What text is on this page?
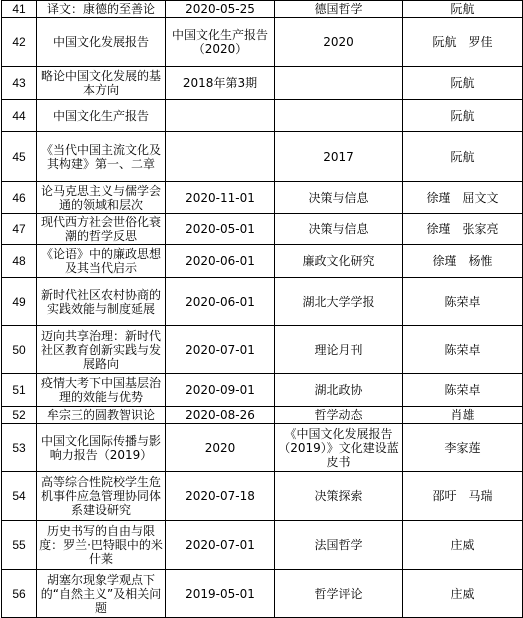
41	译文：康德的至善论	2020-05-25	德国哲学	阮航
42	中国文化发展报告	中国文化生产报告（2020）	2020	阮航　罗佳
43	略论中国文化发展的基本方向	2018年第3期		阮航
44	中国文化生产报告			阮航
45	《当代中国主流文化及其构建》第一、二章		2017	阮航
46	论马克思主义与儒学会通的领域和层次	2020-11-01	决策与信息	徐瑾　屈文文
47	现代西方社会世俗化衰潮的哲学反思	2020-05-01	决策与信息	徐瑾　张家亮
48	《论语》中的廉政思想及其当代启示	2020-06-01	廉政文化研究	徐瑾　杨惟
49	新时代社区农村协商的实践效能与制度延展	2020-06-01	湖北大学学报	陈荣卓
50	迈向共享治理：新时代社区教育创新实践与发展路向	2020-07-01	理论月刊	陈荣卓
51	疫情大考下中国基层治理的效能与优势	2020-09-01	湖北政协	陈荣卓
52	牟宗三的圆教智识论	2020-08-26	哲学动态	肖雄
53	中国文化国际传播与影响力报告（2019）	2020	《中国文化发展报告（2019）》文化建设蓝皮书	李家莲
54	高等综合性院校学生危机事件应急管理协同体系建设研究	2020-07-18	决策探索	邵吁　马瑞
55	历史书写的自由与限度：罗兰·巴特眼中的米什莱	2020-07-01	法国哲学	庄威
56	胡塞尔现象学观点下的“自然主义”及相关问题	2019-05-01	哲学评论	庄威
